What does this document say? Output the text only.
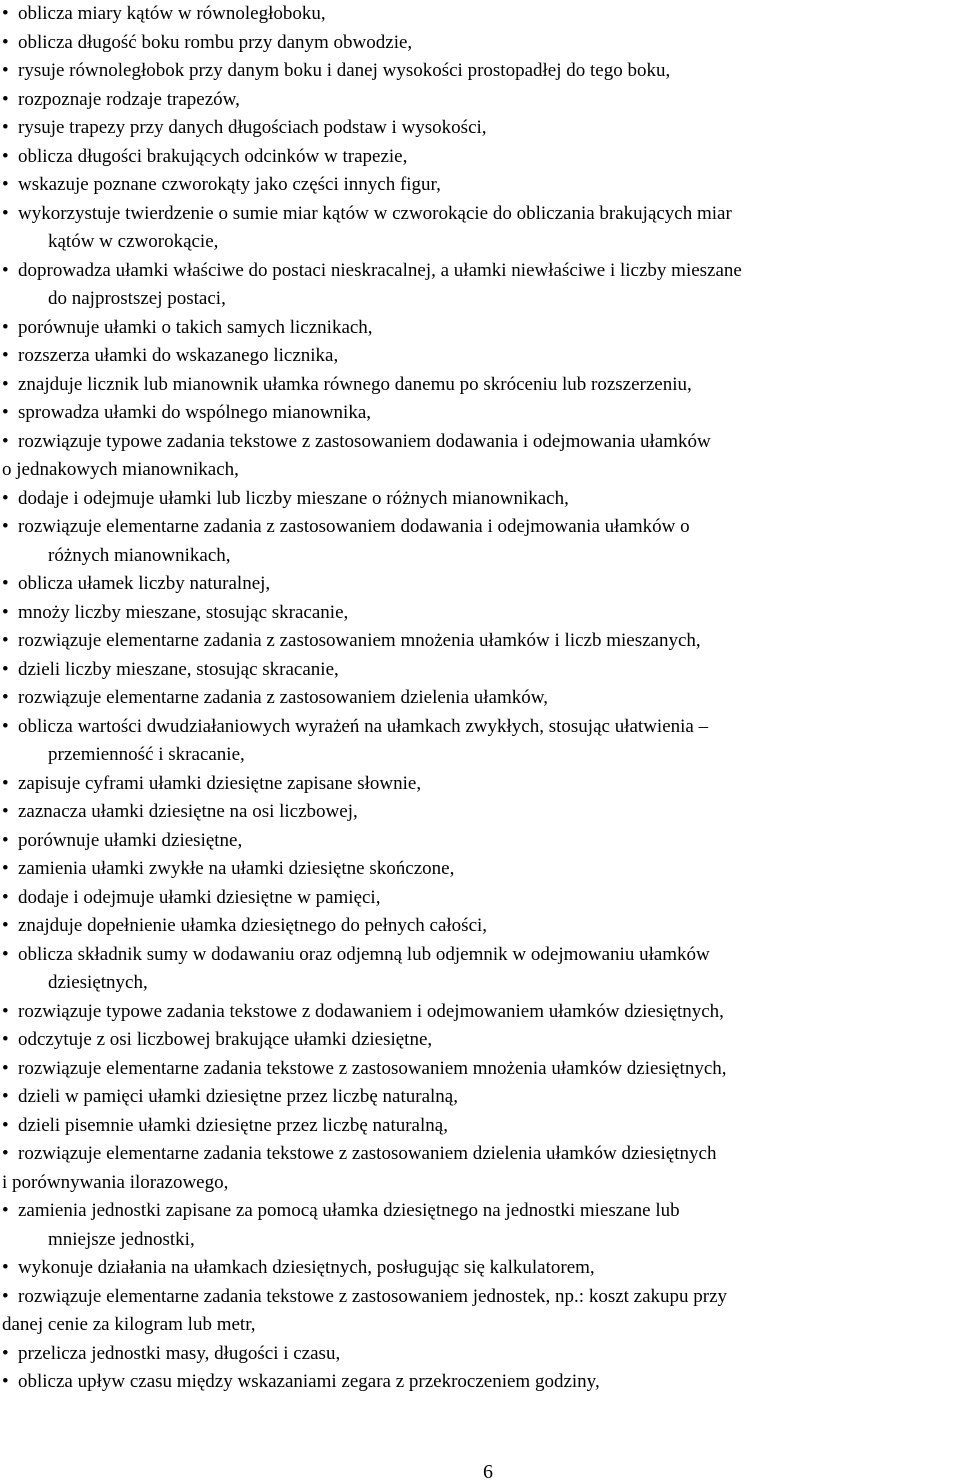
• oblicza miary kątów w równoległoboku,
• oblicza długość boku rombu przy danym obwodzie,
• rysuje równoległobok przy danym boku i danej wysokości prostopadłej do tego boku,
• rozpoznaje rodzaje trapezów,
• rysuje trapezy przy danych długościach podstaw i wysokości,
• oblicza długości brakujących odcinków w trapezie,
• wskazuje poznane czworokąty jako części innych figur,
• wykorzystuje twierdzenie o sumie miar kątów w czworokącie do obliczania brakujących miar
kątów w czworokącie,
• doprowadza ułamki właściwe do postaci nieskracalnej, a ułamki niewłaściwe i liczby mieszane
do najprostszej postaci,
• porównuje ułamki o takich samych licznikach,
• rozszerza ułamki do wskazanego licznika,
• znajduje licznik lub mianownik ułamka równego danemu po skróceniu lub rozszerzeniu,
• sprowadza ułamki do wspólnego mianownika,
• rozwiązuje typowe zadania tekstowe z zastosowaniem dodawania i odejmowania ułamków
o jednakowych mianownikach,
• dodaje i odejmuje ułamki lub liczby mieszane o różnych mianownikach,
• rozwiązuje elementarne zadania z zastosowaniem dodawania i odejmowania ułamków o
różnych mianownikach,
• oblicza ułamek liczby naturalnej,
• mnoży liczby mieszane, stosując skracanie,
• rozwiązuje elementarne zadania z zastosowaniem mnożenia ułamków i liczb mieszanych,
• dzieli liczby mieszane, stosując skracanie,
• rozwiązuje elementarne zadania z zastosowaniem dzielenia ułamków,
• oblicza wartości dwudziałaniowych wyrażeń na ułamkach zwykłych, stosując ułatwienia –
przemienność i skracanie,
• zapisuje cyframi ułamki dziesiętne zapisane słownie,
• zaznacza ułamki dziesiętne na osi liczbowej,
• porównuje ułamki dziesiętne,
• zamienia ułamki zwykłe na ułamki dziesiętne skończone,
• dodaje i odejmuje ułamki dziesiętne w pamięci,
• znajduje dopełnienie ułamka dziesiętnego do pełnych całości,
• oblicza składnik sumy w dodawaniu oraz odjemną lub odjemnik w odejmowaniu ułamków
dziesiętnych,
• rozwiązuje typowe zadania tekstowe z dodawaniem i odejmowaniem ułamków dziesiętnych,
• odczytuje z osi liczbowej brakujące ułamki dziesiętne,
• rozwiązuje elementarne zadania tekstowe z zastosowaniem mnożenia ułamków dziesiętnych,
• dzieli w pamięci ułamki dziesiętne przez liczbę naturalną,
• dzieli pisemnie ułamki dziesiętne przez liczbę naturalną,
• rozwiązuje elementarne zadania tekstowe z zastosowaniem dzielenia ułamków dziesiętnych
i porównywania ilorazowego,
• zamienia jednostki zapisane za pomocą ułamka dziesiętnego na jednostki mieszane lub
mniejsze jednostki,
• wykonuje działania na ułamkach dziesiętnych, posługując się kalkulatorem,
• rozwiązuje elementarne zadania tekstowe z zastosowaniem jednostek, np.: koszt zakupu przy
danej cenie za kilogram lub metr,
• przelicza jednostki masy, długości i czasu,
• oblicza upływ czasu między wskazaniami zegara z przekroczeniem godziny,
6
